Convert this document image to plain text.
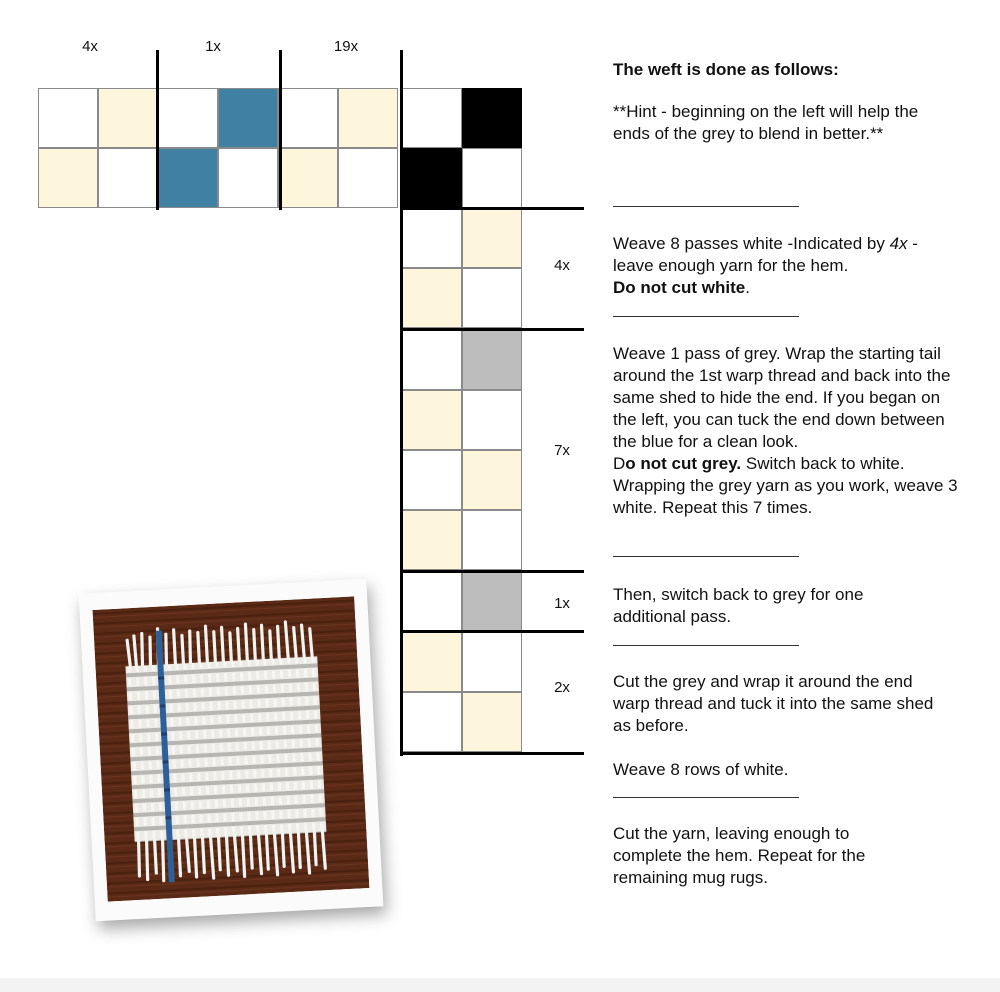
4x	1x	19x
4x
7x
1x
2x

The weft is done as follows:

**Hint - beginning on the left will help the ends of the grey to blend in better.**

Weave 8 passes white -Indicated by 4x - leave enough yarn for the hem.
Do not cut white.

Weave 1 pass of grey. Wrap the starting tail around the 1st warp thread and back into the same shed to hide the end. If you began on the left, you can tuck the end down between the blue for a clean look.
Do not cut grey. Switch back to white. Wrapping the grey yarn as you work, weave 3 white. Repeat this 7 times.

Then, switch back to grey for one additional pass.

Cut the grey and wrap it around the end warp thread and tuck it into the same shed as before.

Weave 8 rows of white.

Cut the yarn, leaving enough to complete the hem. Repeat for the remaining mug rugs.
